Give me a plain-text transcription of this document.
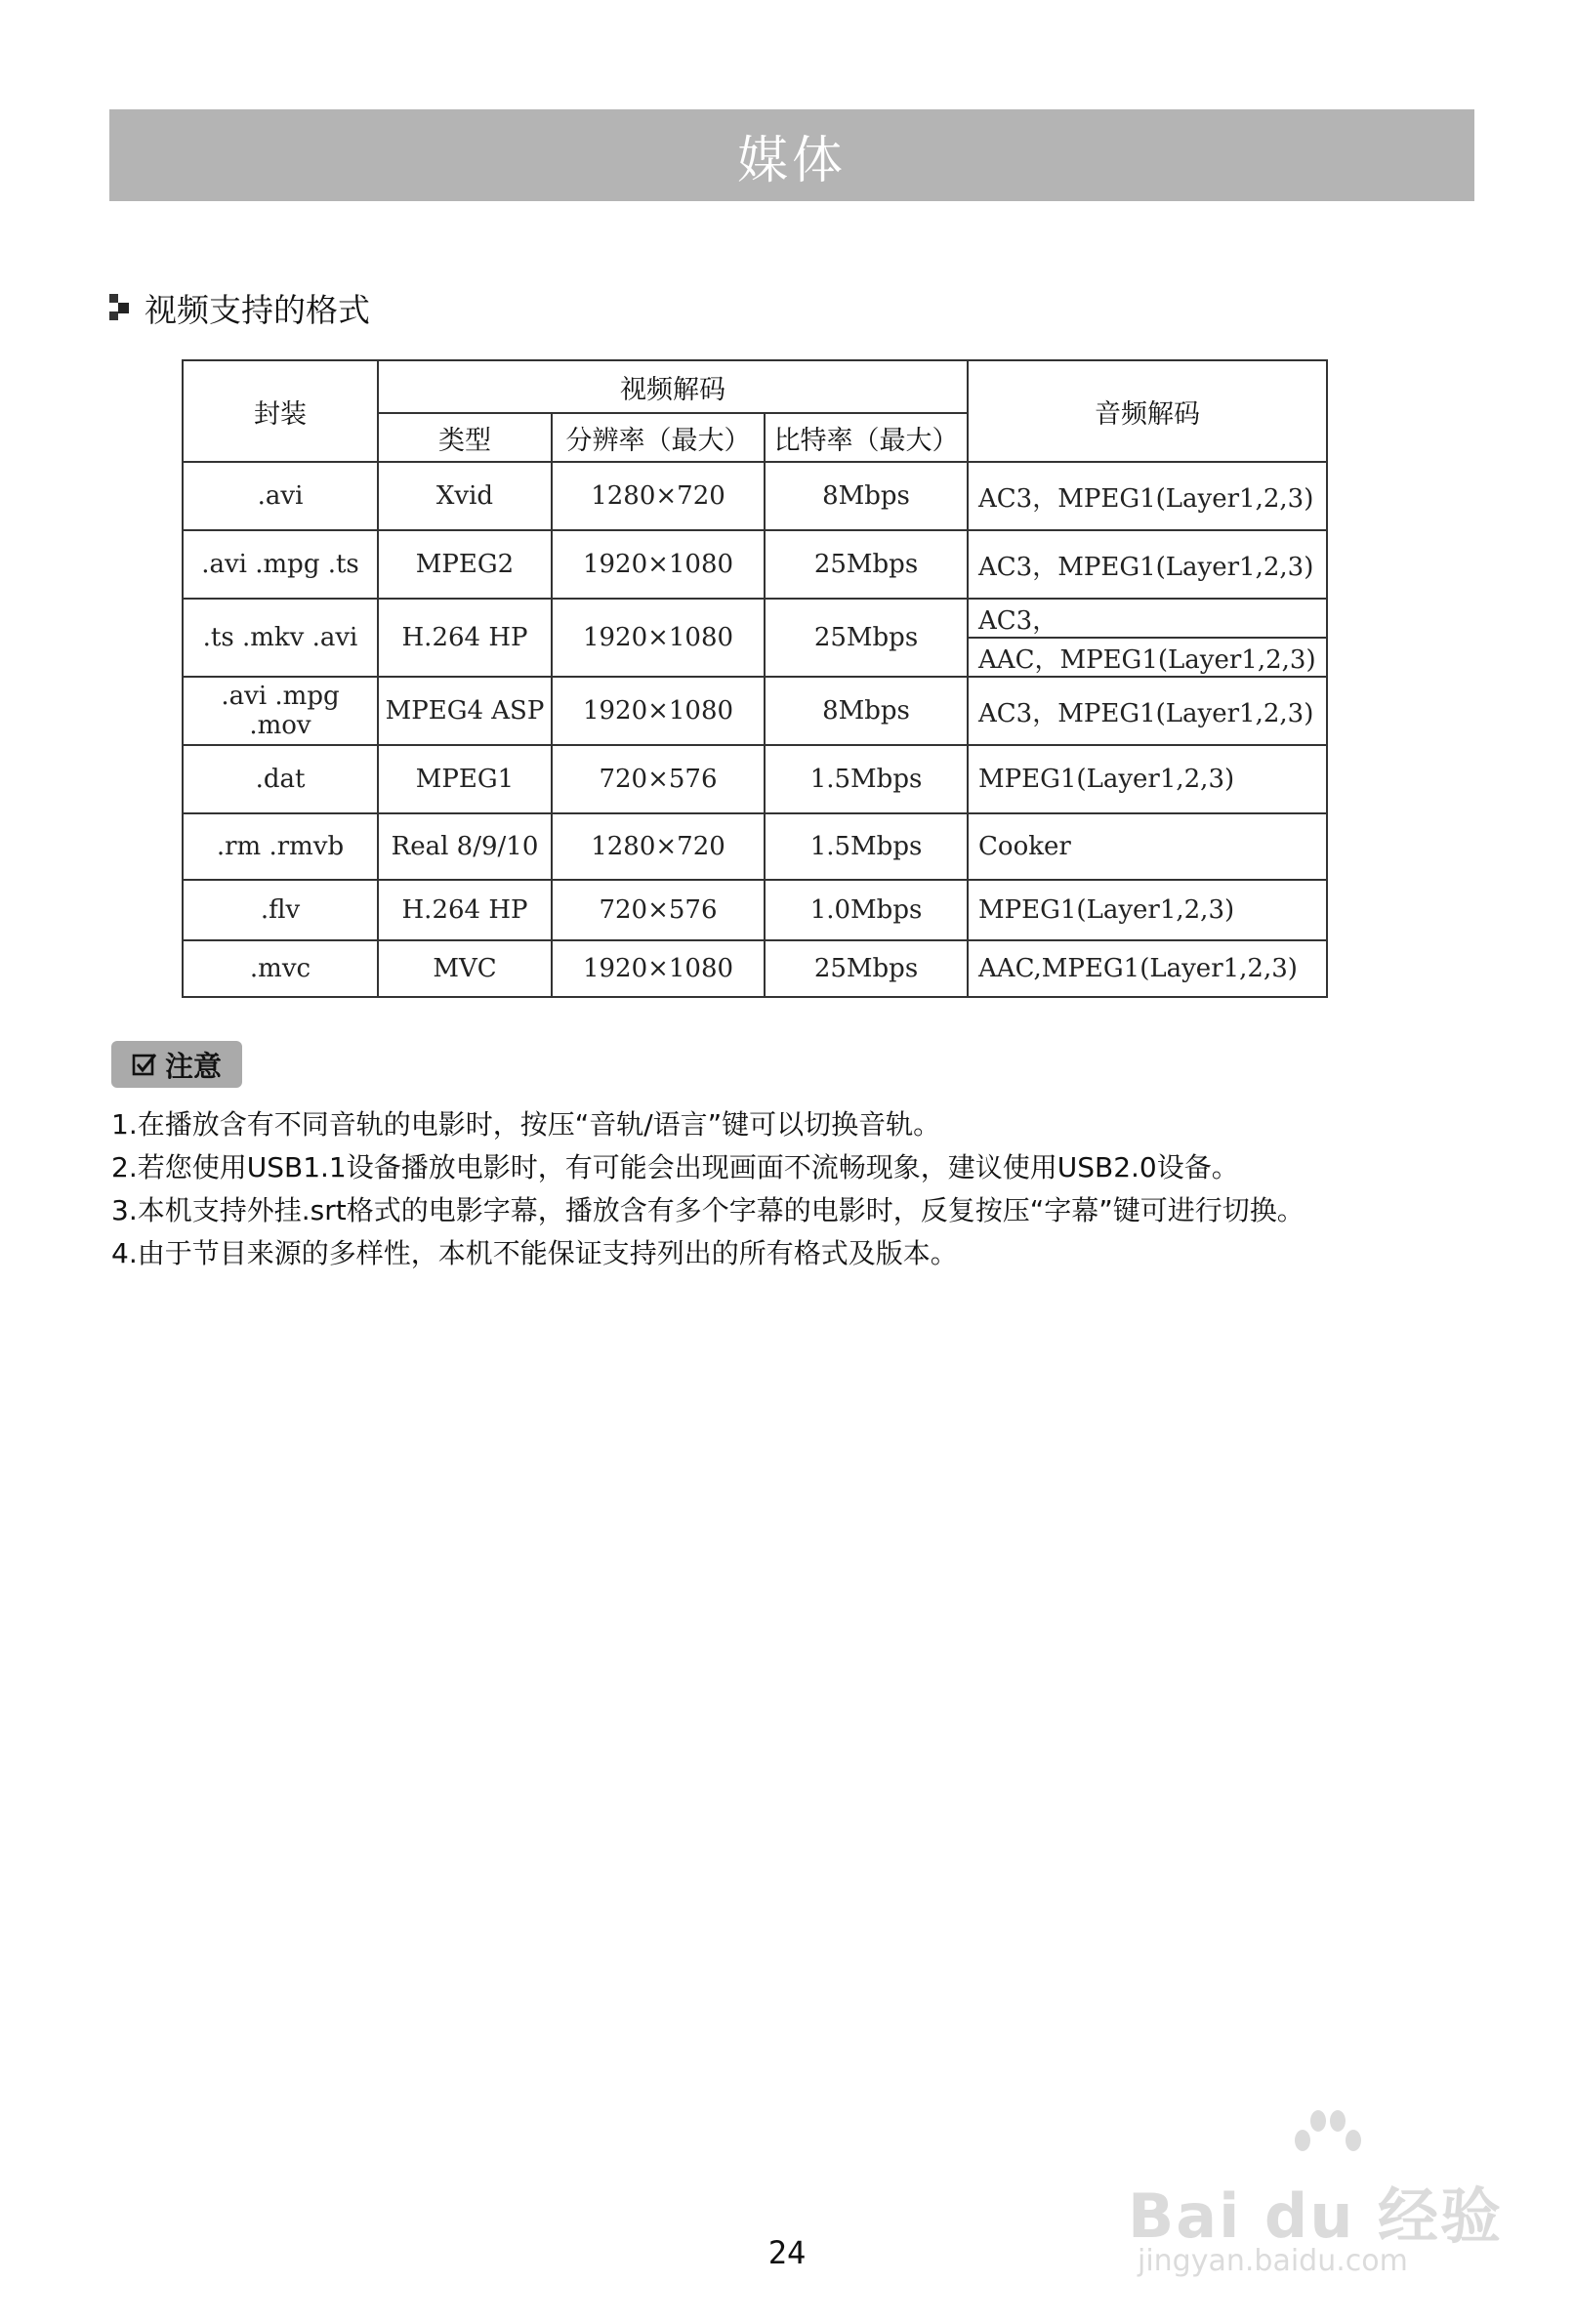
媒体
视频支持的格式
封装	视频解码			音频解码
	类型	分辨率（最大）	比特率（最大）	
.avi	Xvid	1280×720	8Mbps	AC3，MPEG1(Layer1,2,3)
.avi .mpg .ts	MPEG2	1920×1080	25Mbps	AC3，MPEG1(Layer1,2,3)
.ts .mkv .avi	H.264 HP	1920×1080	25Mbps	AC3，
AAC，MPEG1(Layer1,2,3)

.avi .mpg .mov	MPEG4 ASP	1920×1080	8Mbps	AC3，MPEG1(Layer1,2,3)
.dat	MPEG1	720×576	1.5Mbps	MPEG1(Layer1,2,3)
.rm .rmvb	Real 8/9/10	1280×720	1.5Mbps	Cooker
.flv	H.264 HP	720×576	1.0Mbps	MPEG1(Layer1,2,3)
.mvc	MVC	1920×1080	25Mbps	AAC,MPEG1(Layer1,2,3)
注意
1.在播放含有不同音轨的电影时，按压“音轨/语言”键可以切换音轨。
2.若您使用USB1.1设备播放电影时，有可能会出现画面不流畅现象，建议使用USB2.0设备。
3.本机支持外挂.srt格式的电影字幕，播放含有多个字幕的电影时，反复按压“字幕”键可进行切换。
4.由于节目来源的多样性，本机不能保证支持列出的所有格式及版本。
Bai du 经验
jingyan.baidu.com
24
